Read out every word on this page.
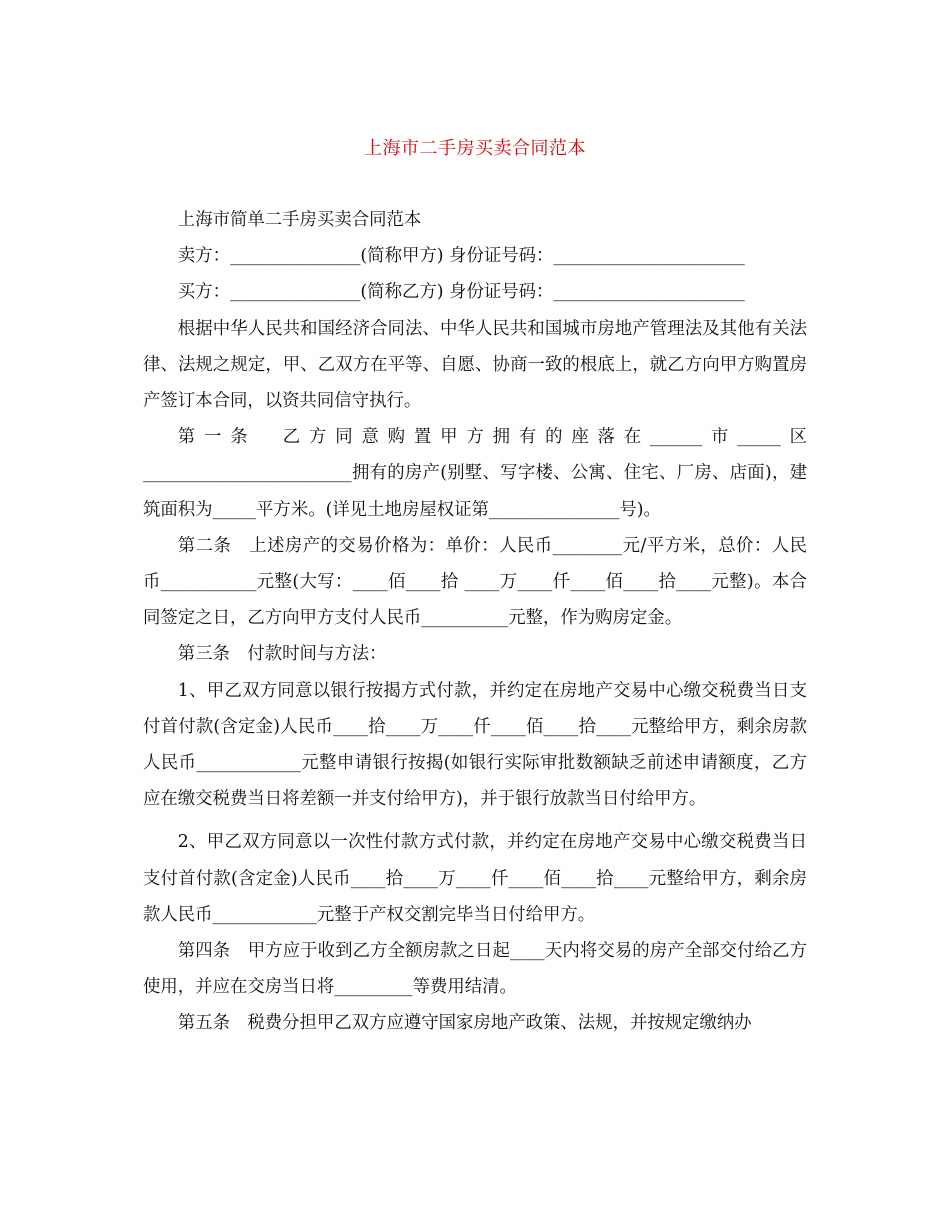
上海市二手房买卖合同范本

上海市简单二手房买卖合同范本

卖方：_______________(简称甲方) 身份证号码：______________________

买方：_______________(简称乙方) 身份证号码：______________________

根据中华人民共和国经济合同法、中华人民共和国城市房地产管理法及其他有关法律、法规之规定，甲、乙双方在平等、自愿、协商一致的根底上，就乙方向甲方购置房产签订本合同，以资共同信守执行。

第一条　乙方同意购置甲方拥有的座落在______市_____区________________________拥有的房产(别墅、写字楼、公寓、住宅、厂房、店面)，建筑面积为_____平方米。(详见土地房屋权证第_______________号)。

第二条　上述房产的交易价格为：单价：人民币________元/平方米，总价：人民币___________元整(大写：____佰____拾 ____万____仟____佰____拾____元整)。本合同签定之日，乙方向甲方支付人民币__________元整，作为购房定金。

第三条　付款时间与方法：

1、甲乙双方同意以银行按揭方式付款，并约定在房地产交易中心缴交税费当日支付首付款(含定金)人民币____拾____万____仟____佰____拾____元整给甲方，剩余房款人民币____________元整申请银行按揭(如银行实际审批数额缺乏前述申请额度，乙方应在缴交税费当日将差额一并支付给甲方)，并于银行放款当日付给甲方。

2、甲乙双方同意以一次性付款方式付款，并约定在房地产交易中心缴交税费当日支付首付款(含定金)人民币____拾____万____仟____佰____拾____元整给甲方，剩余房款人民币____________元整于产权交割完毕当日付给甲方。

第四条　甲方应于收到乙方全额房款之日起____天内将交易的房产全部交付给乙方使用，并应在交房当日将_________等费用结清。

第五条　税费分担甲乙双方应遵守国家房地产政策、法规，并按规定缴纳办
